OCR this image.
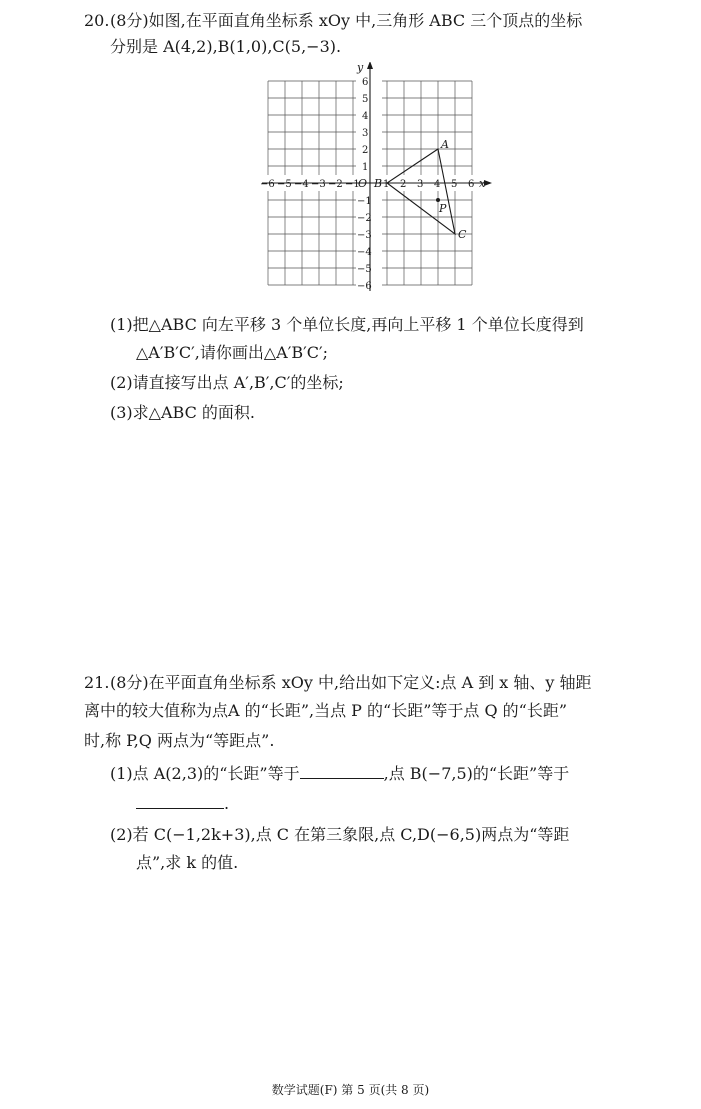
20. (8分)如图,在平面直角坐标系 xOy 中,三角形 ABC 三个顶点的坐标
分别是 A(4,2),B(1,0),C(5,−3).
x
y
O
−6 −5 −4 −3 −2 −1 1 2 3 4 5 6
6
5
4
3
2
1
−1
−2
−3
−4
−5
−6
A
B
C
P
(1)把△ABC 向左平移 3 个单位长度,再向上平移 1 个单位长度得到
△A′B′C′,请你画出△A′B′C′;
(2)请直接写出点 A′,B′,C′的坐标;
(3)求△ABC 的面积.
21. (8分)在平面直角坐标系 xOy 中,给出如下定义:点 A 到 x 轴、y 轴距
离中的较大值称为点A 的“长距”,当点 P 的“长距”等于点 Q 的“长距”
时,称 P,Q 两点为“等距点”.
(1)点 A(2,3)的“长距”等于	,点 B(−7,5)的“长距”等于
.
(2)若 C(−1,2k+3),点 C 在第三象限,点 C,D(−6,5)两点为“等距
点”,求 k 的值.
数学试题(F) 第 5 页(共 8 页)
